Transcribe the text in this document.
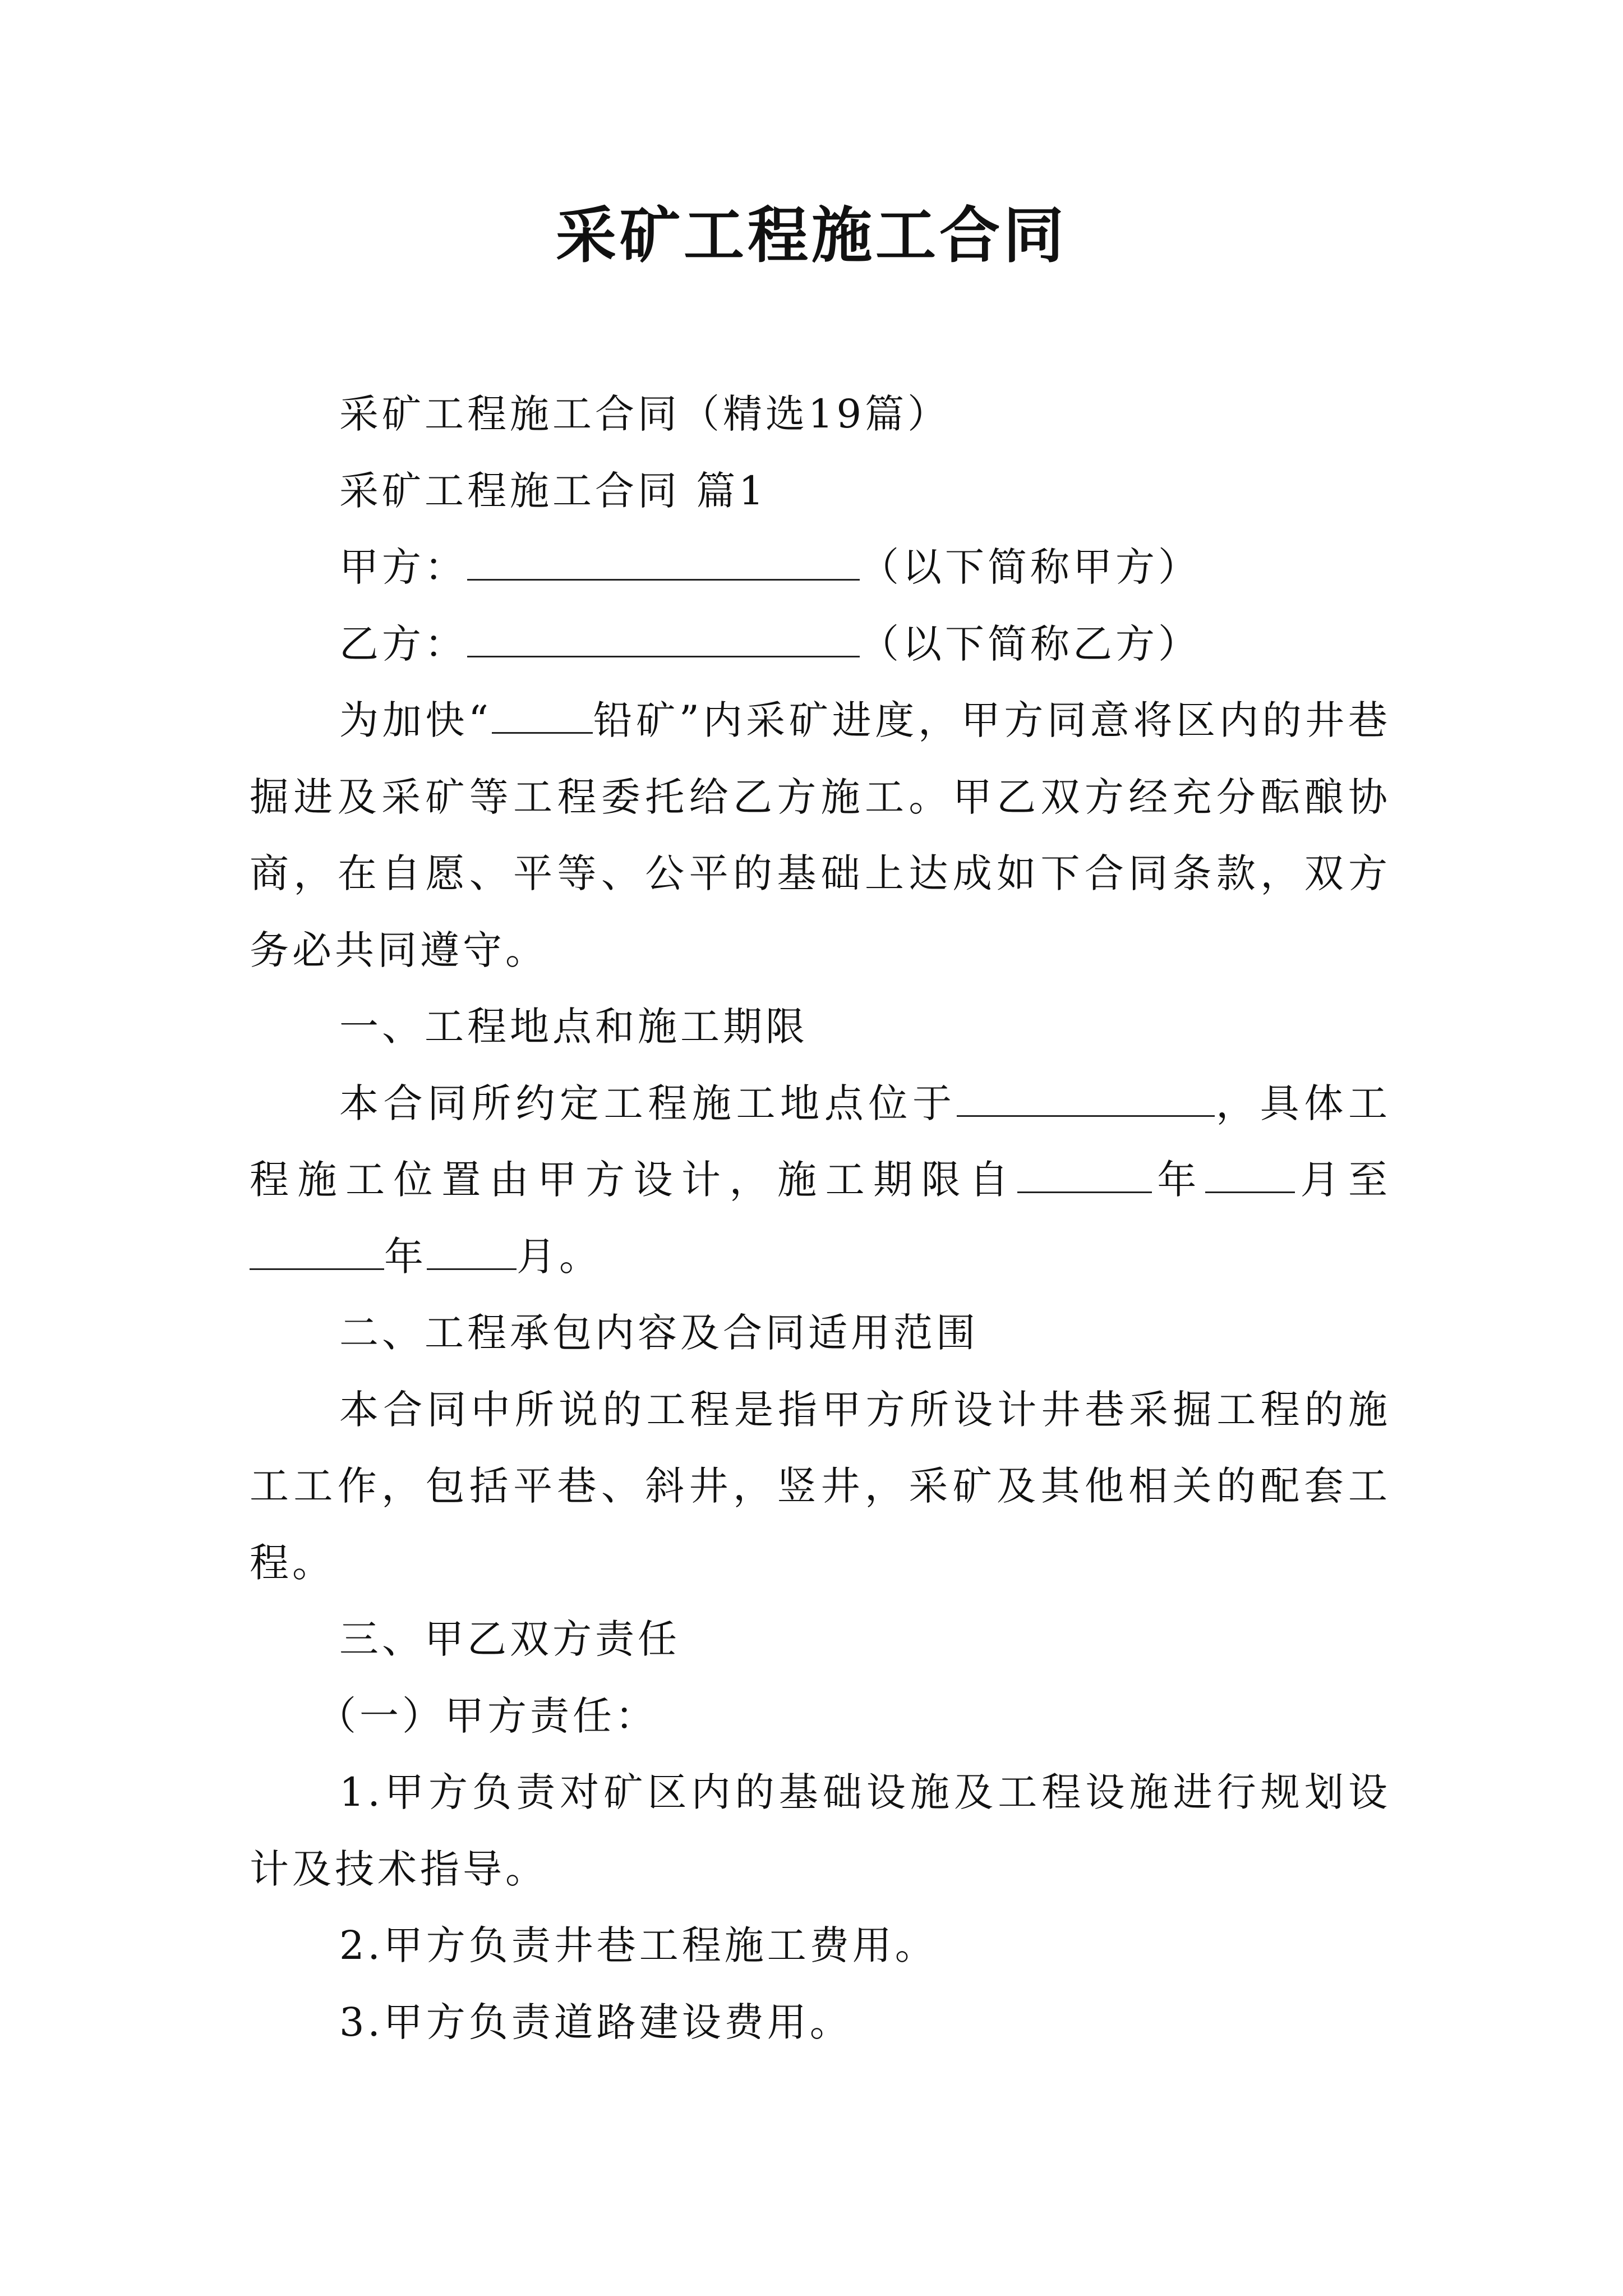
采矿工程施工合同

采矿工程施工合同（精选19篇）

采矿工程施工合同 篇1

甲方：	（以下简称甲方）

乙方：	（以下简称乙方）

为加快“	铅矿”内采矿进度，甲方同意将区内的井巷掘进及采矿等工程委托给乙方施工。甲乙双方经充分酝酿协商，在自愿、平等、公平的基础上达成如下合同条款，双方务必共同遵守。

一、工程地点和施工期限

本合同所约定工程施工地点位于	，具体工程施工位置由甲方设计，施工期限自	年 月至年 月。

二、工程承包内容及合同适用范围

本合同中所说的工程是指甲方所设计井巷采掘工程的施工工作，包括平巷、斜井，竖井，采矿及其他相关的配套工程。

三、甲乙双方责任

（一）甲方责任：

1.甲方负责对矿区内的基础设施及工程设施进行规划设计及技术指导。

2.甲方负责井巷工程施工费用。

3.甲方负责道路建设费用。
